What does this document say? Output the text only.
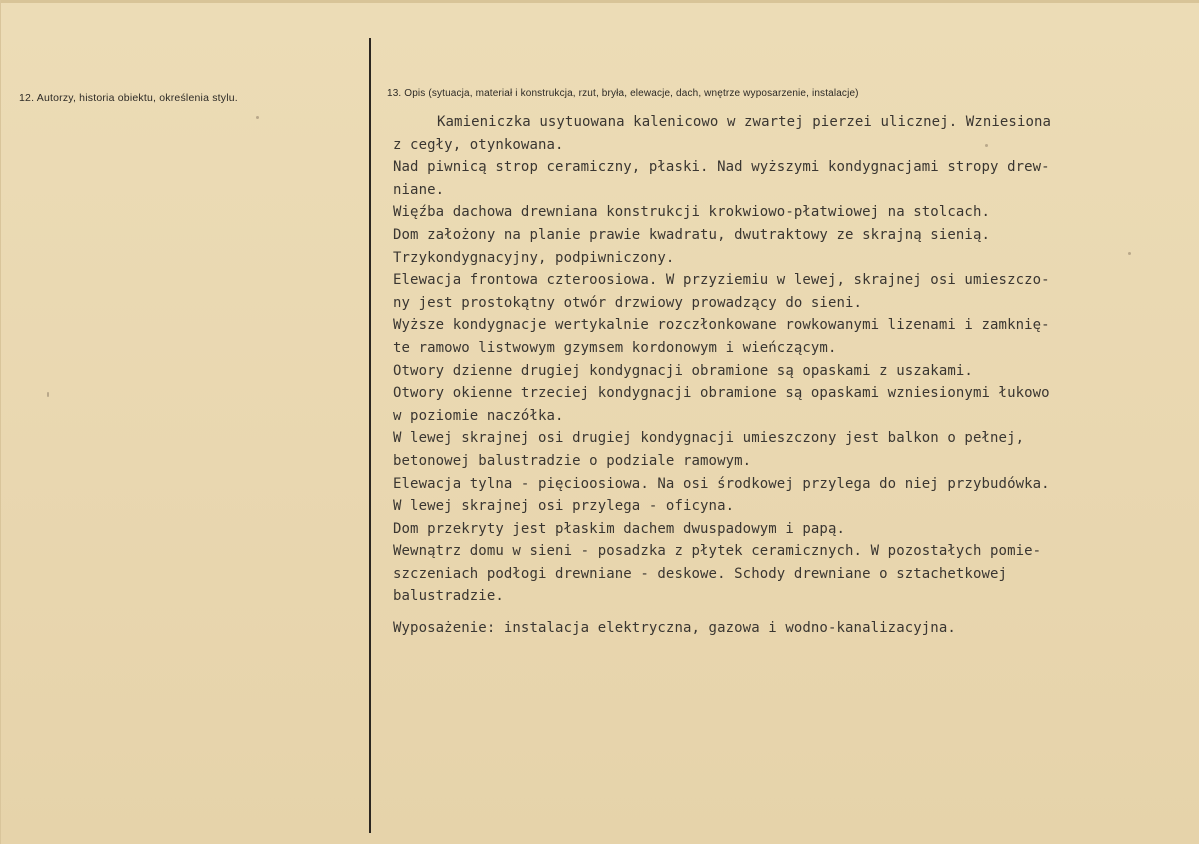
12. Autorzy, historia obiektu, określenia stylu.	13. Opis (sytuacja, materiał i konstrukcja, rzut, bryła, elewacje, dach, wnętrze wyposarzenie, instalacje)
Kamieniczka usytuowana kalenicowo w zwartej pierzei ulicznej. Wzniesiona
z cegły, otynkowana.
Nad piwnicą strop ceramiczny, płaski. Nad wyższymi kondygnacjami stropy drew-
niane.
Więźba dachowa drewniana konstrukcji krokwiowo-płatwiowej na stolcach.
Dom założony na planie prawie kwadratu, dwutraktowy ze skrajną sienią.
Trzykondygnacyjny, podpiwniczony.
Elewacja frontowa czteroosiowa. W przyziemiu w lewej, skrajnej osi umieszczo-
ny jest prostokątny otwór drzwiowy prowadzący do sieni.
Wyższe kondygnacje wertykalnie rozczłonkowane rowkowanymi lizenami i zamknię-
te ramowo listwowym gzymsem kordonowym i wieńczącym.
Otwory dzienne drugiej kondygnacji obramione są opaskami z uszakami.
Otwory okienne trzeciej kondygnacji obramione są opaskami wzniesionymi łukowo
w poziomie naczółka.
W lewej skrajnej osi drugiej kondygnacji umieszczony jest balkon o pełnej,
betonowej balustradzie o podziale ramowym.
Elewacja tylna - pięcioosiowa. Na osi środkowej przylega do niej przybudówka.
W lewej skrajnej osi przylega - oficyna.
Dom przekryty jest płaskim dachem dwuspadowym i papą.
Wewnątrz domu w sieni - posadzka z płytek ceramicznych. W pozostałych pomie-
szczeniach podłogi drewniane - deskowe. Schody drewniane o sztachetkowej
balustradzie.
Wyposażenie: instalacja elektryczna, gazowa i wodno-kanalizacyjna.
